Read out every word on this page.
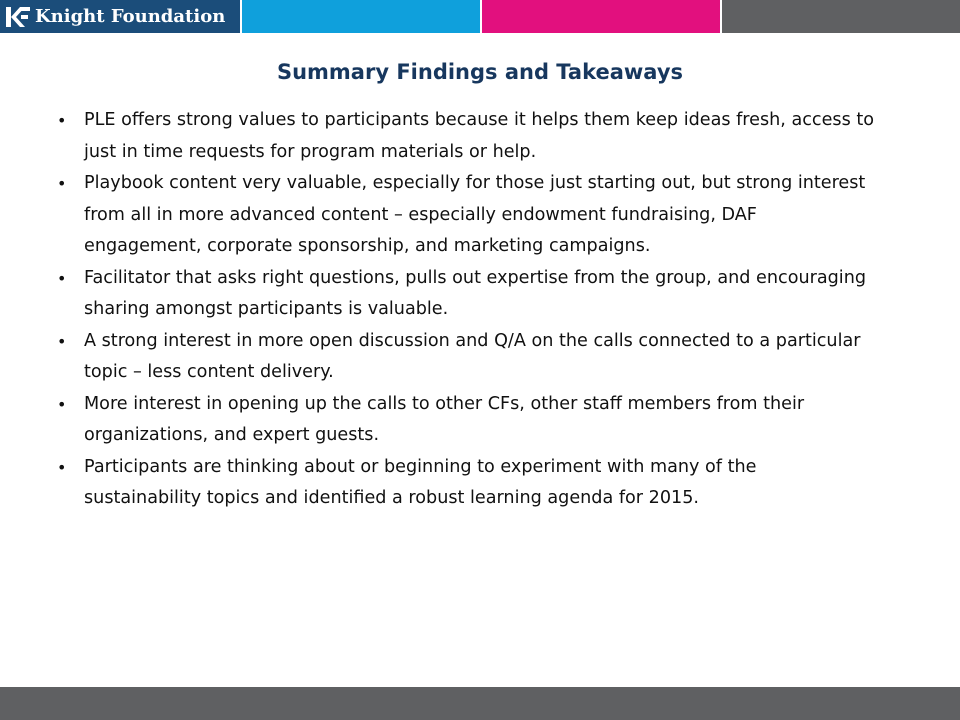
Knight Foundation
Summary Findings and Takeaways
• PLE offers strong values to participants because it helps them keep ideas fresh, access to just in time requests for program materials or help.
• Playbook content very valuable, especially for those just starting out, but strong interest from all in more advanced content – especially endowment fundraising, DAF engagement, corporate sponsorship, and marketing campaigns.
• Facilitator that asks right questions, pulls out expertise from the group, and encouraging sharing amongst participants is valuable.
• A strong interest in more open discussion and Q/A on the calls connected to a particular topic – less content delivery.
• More interest in opening up the calls to other CFs, other staff members from their organizations, and expert guests.
• Participants are thinking about or beginning to experiment with many of the sustainability topics and identified a robust learning agenda for 2015.
